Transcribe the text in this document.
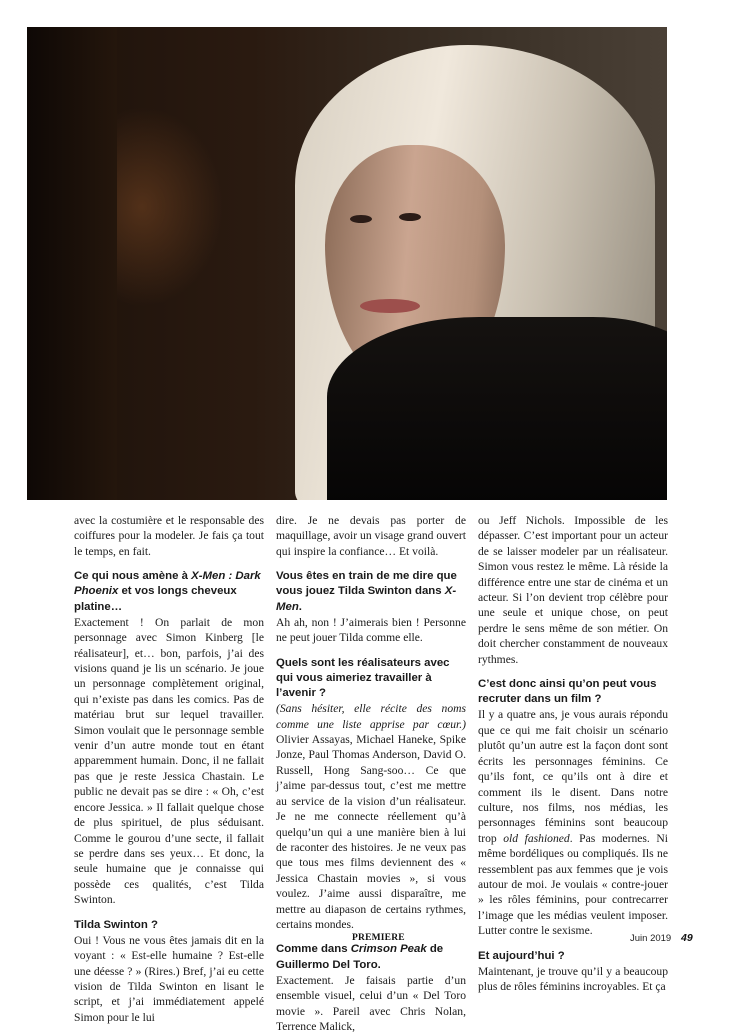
avec la costumière et le responsable des coiffures pour la modeler. Je fais ça tout le temps, en fait.

Ce qui nous amène à X-Men : Dark Phoenix et vos longs cheveux platine…

Exactement ! On parlait de mon personnage avec Simon Kinberg [le réalisateur], et… bon, parfois, j’ai des visions quand je lis un scénario. Je joue un personnage complètement original, qui n’existe pas dans les comics. Pas de matériau brut sur lequel travailler. Simon voulait que le personnage semble venir d’un autre monde tout en étant apparemment humain. Donc, il ne fallait pas que je reste Jessica Chastain. Le public ne devait pas se dire : « Oh, c’est encore Jessica. » Il fallait quelque chose de plus spirituel, de plus séduisant. Comme le gourou d’une secte, il fallait se perdre dans ses yeux… Et donc, la seule humaine que je connaisse qui possède ces qualités, c’est Tilda Swinton.

Tilda Swinton ?

Oui ! Vous ne vous êtes jamais dit en la voyant : « Est-elle humaine ? Est-elle une déesse ? » (Rires.) Bref, j’ai eu cette vision de Tilda Swinton en lisant le script, et j’ai immédiatement appelé Simon pour le lui

dire. Je ne devais pas porter de maquillage, avoir un visage grand ouvert qui inspire la confiance… Et voilà.

Vous êtes en train de me dire que vous jouez Tilda Swinton dans X-Men.

Ah ah, non ! J’aimerais bien ! Personne ne peut jouer Tilda comme elle.

Quels sont les réalisateurs avec qui vous aimeriez travailler à l’avenir ?

(Sans hésiter, elle récite des noms comme une liste apprise par cœur.) Olivier Assayas, Michael Haneke, Spike Jonze, Paul Thomas Anderson, David O. Russell, Hong Sang-soo… Ce que j’aime par-dessus tout, c’est me mettre au service de la vision d’un réalisateur. Je ne me connecte réellement qu’à quelqu’un qui a une manière bien à lui de raconter des histoires. Je ne veux pas que tous mes films deviennent des « Jessica Chastain movies », si vous voulez. J’aime aussi disparaître, me mettre au diapason de certains rythmes, certains mondes.

Comme dans Crimson Peak de Guillermo Del Toro.

Exactement. Je faisais partie d’un ensemble visuel, celui d’un « Del Toro movie ». Pareil avec Chris Nolan, Terrence Malick,

ou Jeff Nichols. Impossible de les dépasser. C’est important pour un acteur de se laisser modeler par un réalisateur. Simon vous restez le même. Là réside la différence entre une star de cinéma et un acteur. Si l’on devient trop célèbre pour une seule et unique chose, on peut perdre le sens même de son métier. On doit chercher constamment de nouveaux rythmes.

C’est donc ainsi qu’on peut vous recruter dans un film ?

Il y a quatre ans, je vous aurais répondu que ce qui me fait choisir un scénario plutôt qu’un autre est la façon dont sont écrits les personnages féminins. Ce qu’ils font, ce qu’ils ont à dire et comment ils le disent. Dans notre culture, nos films, nos médias, les personnages féminins sont beaucoup trop old fashioned. Pas modernes. Ni même bordéliques ou compliqués. Ils ne ressemblent pas aux femmes que je vois autour de moi. Je voulais « contre-jouer » les rôles féminins, pour contrecarrer l’image que les médias veulent imposer. Lutter contre le sexisme.

Et aujourd’hui ?

Maintenant, je trouve qu’il y a beaucoup plus de rôles féminins incroyables. Et ça

PREMIERE	Juin 2019 49
